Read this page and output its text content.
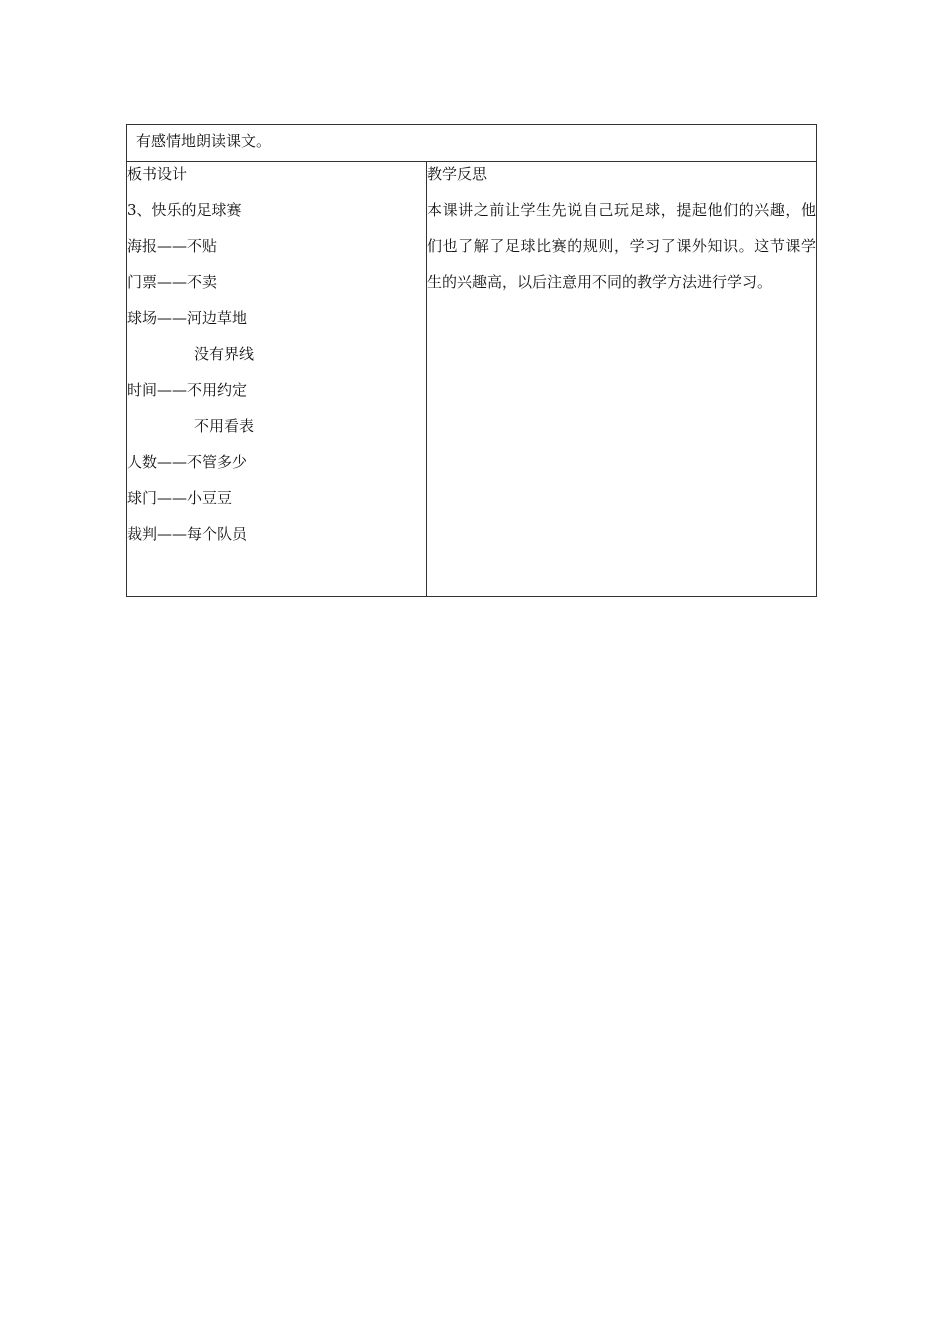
有感情地朗读课文。

板书设计
3、快乐的足球赛
海报——不贴
门票——不卖
球场——河边草地
没有界线
时间——不用约定
不用看表
人数——不管多少
球门——小豆豆
裁判——每个队员

教学反思
本课讲之前让学生先说自己玩足球，提起他们的兴趣，他们也了解了足球比赛的规则，学习了课外知识。这节课学生的兴趣高，以后注意用不同的教学方法进行学习。
